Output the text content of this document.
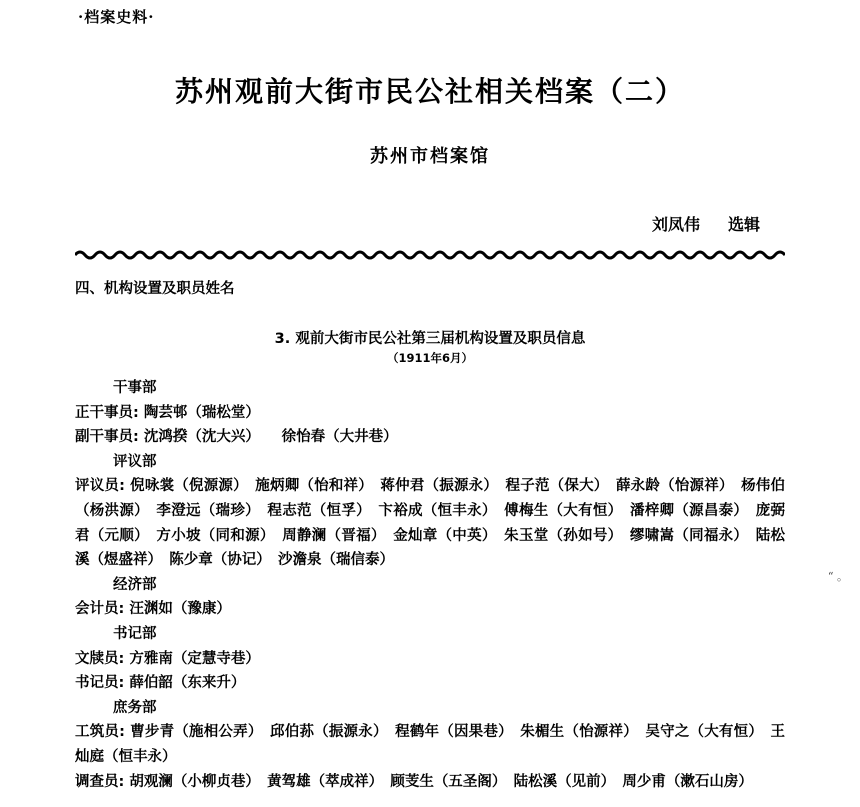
·档案史料·
苏州观前大街市民公社相关档案（二）
苏州市档案馆
刘凤伟 选辑
四、机构设置及职员姓名
3. 观前大街市民公社第三届机构设置及职员信息
（1911年6月）
干事部
正干事员: 陶芸邨（瑞松堂）
副干事员: 沈鸿揆（沈大兴）　　徐怡春（大井巷）
评议部
评议员: 倪咏裳（倪源源）　施炳卿（怡和祥）　蒋仲君（振源永）　程子范（保大）　薛永龄（怡源祥）　杨伟伯（杨洪源）　李澄远（瑞珍）　程志范（恒孚）　卞裕成（恒丰永）　傅梅生（大有恒）　潘梓卿（源昌泰）　庞弼君（元顺）　方小坡（同和源）　周静澜（晋福）　金灿章（中英）　朱玉堂（孙如号）　缪啸嵩（同福永）　陆松溪（煜盛祥）　陈少章（协记）　沙澹泉（瑞信泰）
经济部
会计员: 汪渊如（豫康）
书记部
文牍员: 方雅南（定慧寺巷）
书记员: 薛伯韶（东来升）
庶务部
工筑员: 曹步青（施相公弄）　邱伯荪（振源永）　程鹤年（因果巷）　朱楣生（怡源祥）　吴守之（大有恒）　王灿庭（恒丰永）
调查员: 胡观澜（小柳贞巷）　黄驾雄（萃成祥）　顾芰生（五圣阁）　陆松溪（见前）　周少甫（漱石山房）
“ 。
